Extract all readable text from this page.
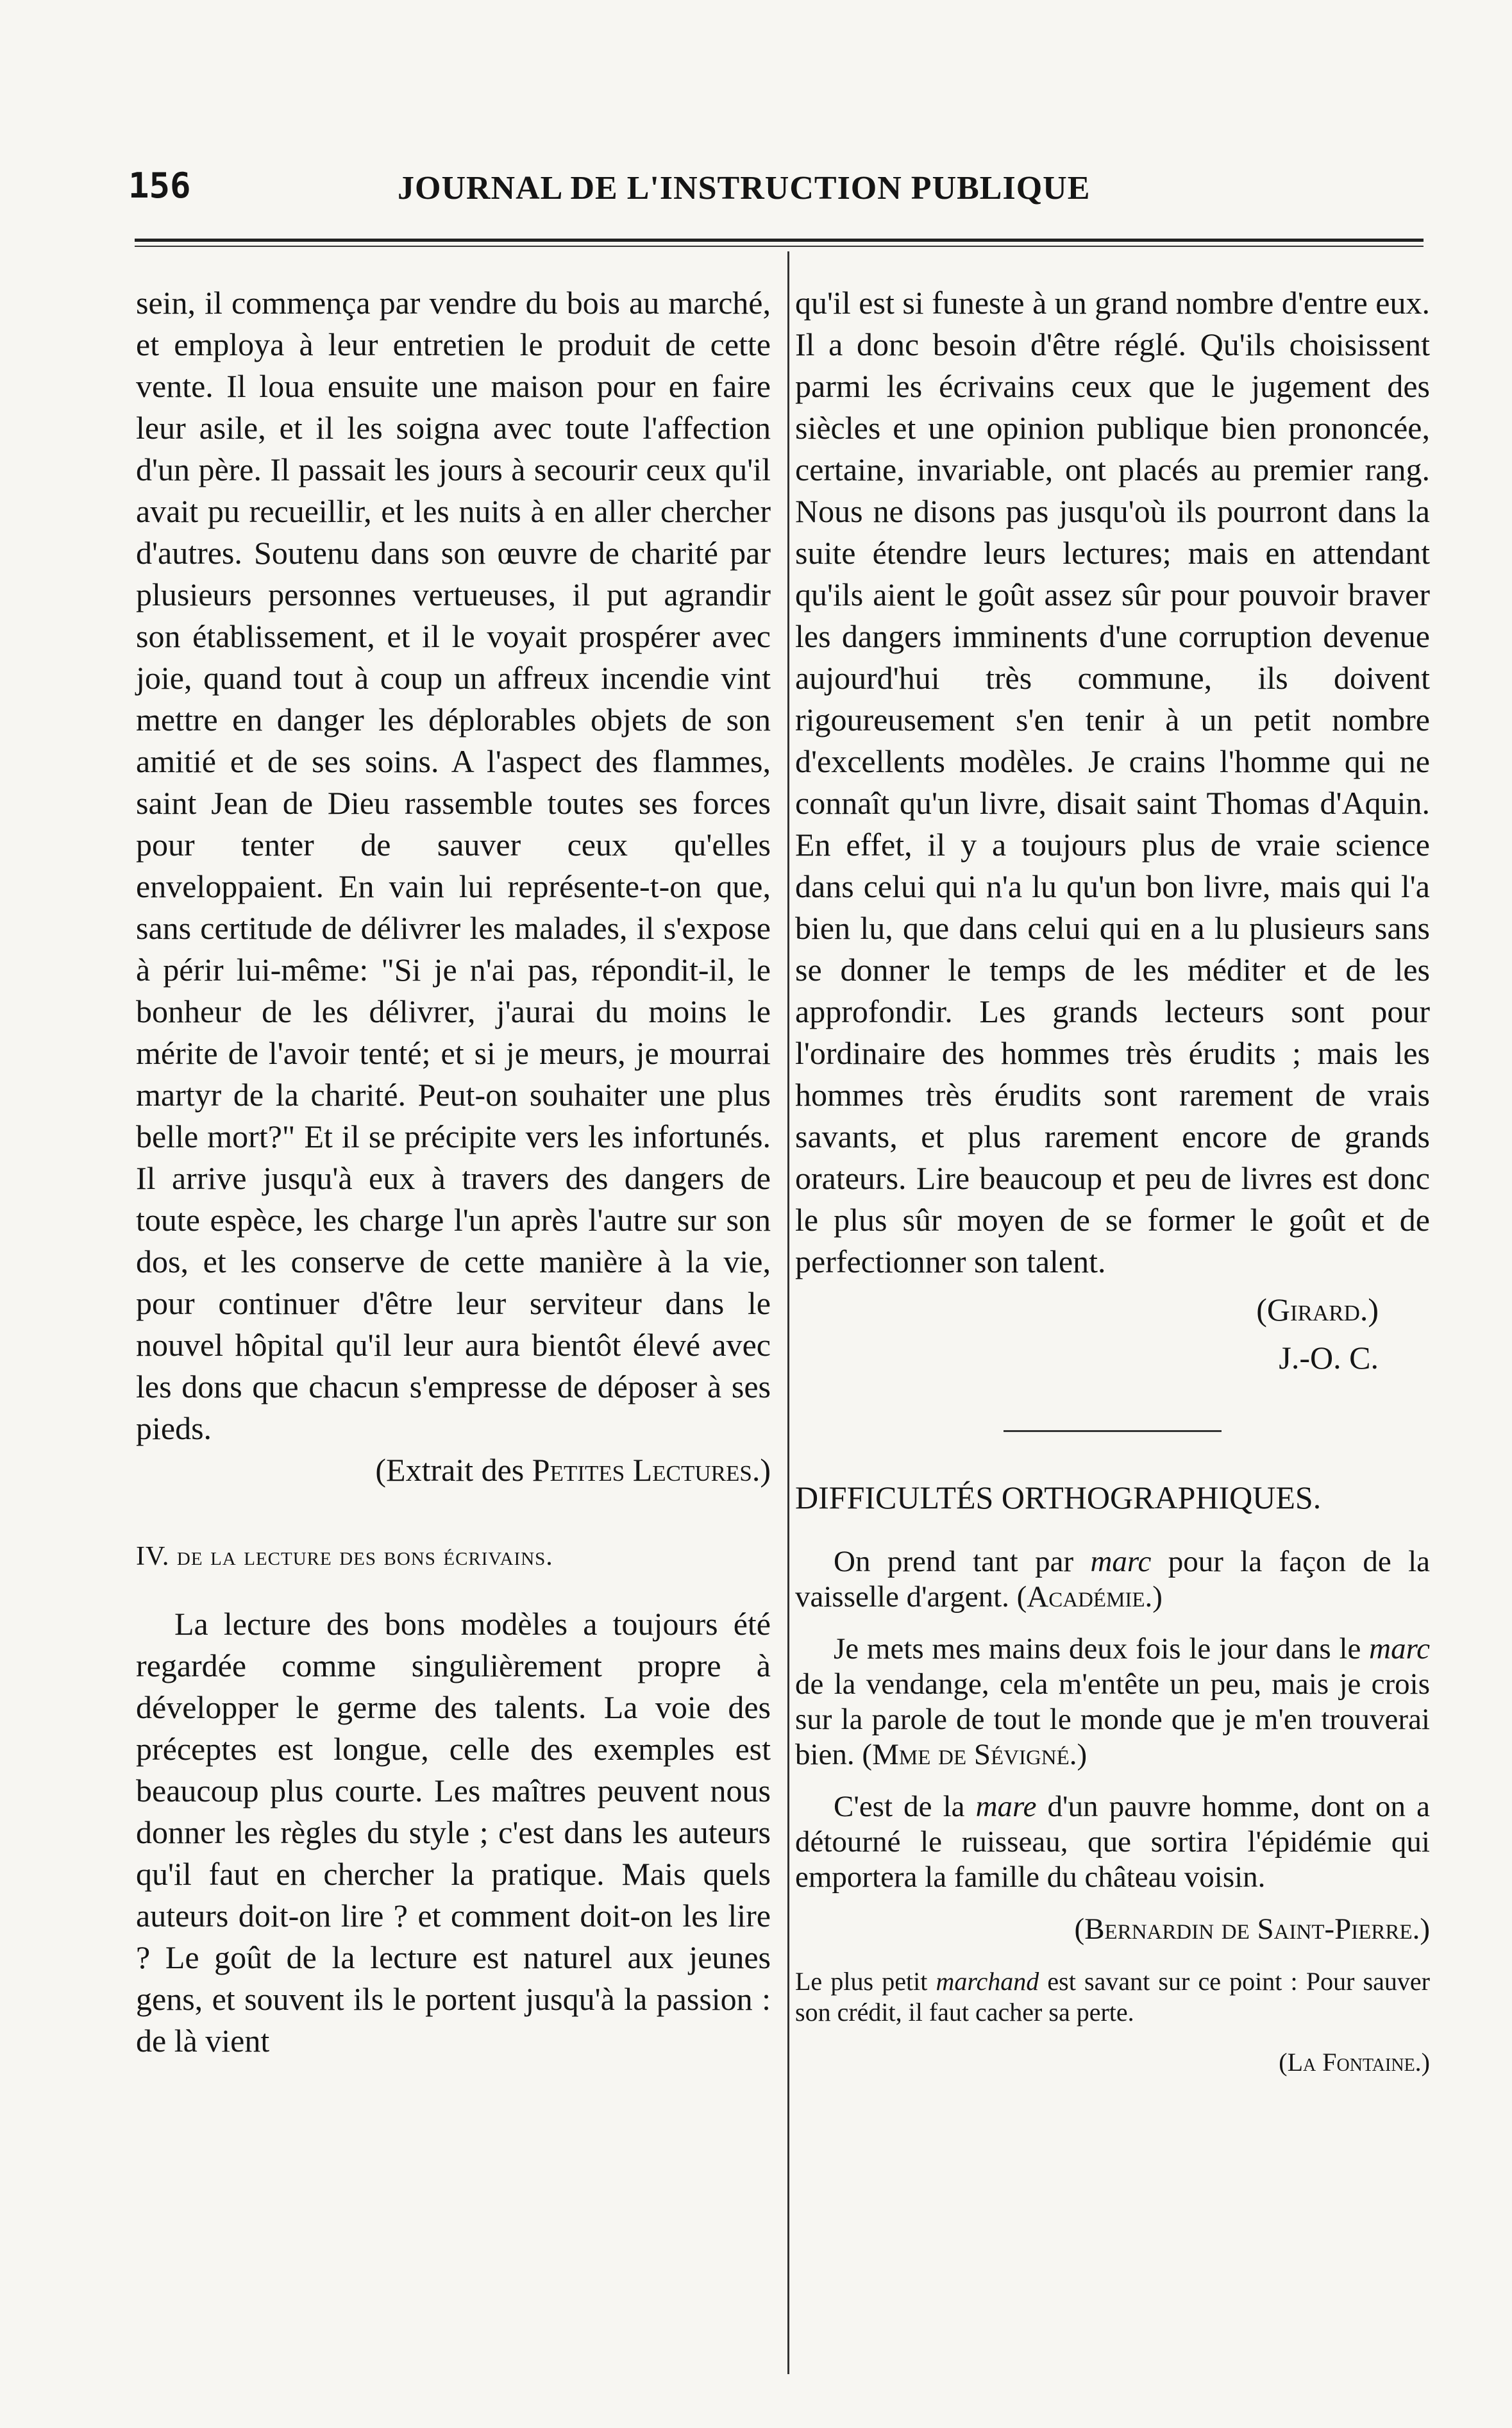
156	JOURNAL DE L'INSTRUCTION PUBLIQUE

sein, il commença par vendre du bois au marché, et employa à leur entretien le produit de cette vente. Il loua ensuite une maison pour en faire leur asile, et il les soigna avec toute l'affection d'un père. Il passait les jours à secourir ceux qu'il avait pu recueillir, et les nuits à en aller chercher d'autres. Soutenu dans son œuvre de charité par plusieurs personnes vertueuses, il put agrandir son établissement, et il le voyait prospérer avec joie, quand tout à coup un affreux incendie vint mettre en danger les déplorables objets de son amitié et de ses soins. A l'aspect des flammes, saint Jean de Dieu rassemble toutes ses forces pour tenter de sauver ceux qu'elles enveloppaient. En vain lui représente-t-on que, sans certitude de délivrer les malades, il s'expose à périr lui-même: "Si je n'ai pas, répondit-il, le bonheur de les délivrer, j'aurai du moins le mérite de l'avoir tenté; et si je meurs, je mourrai martyr de la charité. Peut-on souhaiter une plus belle mort?" Et il se précipite vers les infortunés. Il arrive jusqu'à eux à travers des dangers de toute espèce, les charge l'un après l'autre sur son dos, et les conserve de cette manière à la vie, pour continuer d'être leur serviteur dans le nouvel hôpital qu'il leur aura bientôt élevé avec les dons que chacun s'empresse de déposer à ses pieds.

(Extrait des Petites Lectures.)

IV. de la lecture des bons écrivains.

La lecture des bons modèles a toujours été regardée comme singulièrement propre à développer le germe des talents. La voie des préceptes est longue, celle des exemples est beaucoup plus courte. Les maîtres peuvent nous donner les règles du style ; c'est dans les auteurs qu'il faut en chercher la pratique. Mais quels auteurs doit-on lire ? et comment doit-on les lire ? Le goût de la lecture est naturel aux jeunes gens, et souvent ils le portent jusqu'à la passion : de là vient

qu'il est si funeste à un grand nombre d'entre eux. Il a donc besoin d'être réglé. Qu'ils choisissent parmi les écrivains ceux que le jugement des siècles et une opinion publique bien prononcée, certaine, invariable, ont placés au premier rang. Nous ne disons pas jusqu'où ils pourront dans la suite étendre leurs lectures; mais en attendant qu'ils aient le goût assez sûr pour pouvoir braver les dangers imminents d'une corruption devenue aujourd'hui très commune, ils doivent rigoureusement s'en tenir à un petit nombre d'excellents modèles. Je crains l'homme qui ne connaît qu'un livre, disait saint Thomas d'Aquin. En effet, il y a toujours plus de vraie science dans celui qui n'a lu qu'un bon livre, mais qui l'a bien lu, que dans celui qui en a lu plusieurs sans se donner le temps de les méditer et de les approfondir. Les grands lecteurs sont pour l'ordinaire des hommes très érudits ; mais les hommes très érudits sont rarement de vrais savants, et plus rarement encore de grands orateurs. Lire beaucoup et peu de livres est donc le plus sûr moyen de se former le goût et de perfectionner son talent.

(Girard.)

J.-O. C.

DIFFICULTÉS ORTHOGRAPHIQUES.

On prend tant par marc pour la façon de la vaisselle d'argent. (Académie.)

Je mets mes mains deux fois le jour dans le marc de la vendange, cela m'entête un peu, mais je crois sur la parole de tout le monde que je m'en trouverai bien. (Mme de Sévigné.)

C'est de la mare d'un pauvre homme, dont on a détourné le ruisseau, que sortira l'épidémie qui emportera la famille du château voisin.

(Bernardin de Saint-Pierre.)

Le plus petit marchand est savant sur ce point : Pour sauver son crédit, il faut cacher sa perte.

(La Fontaine.)
